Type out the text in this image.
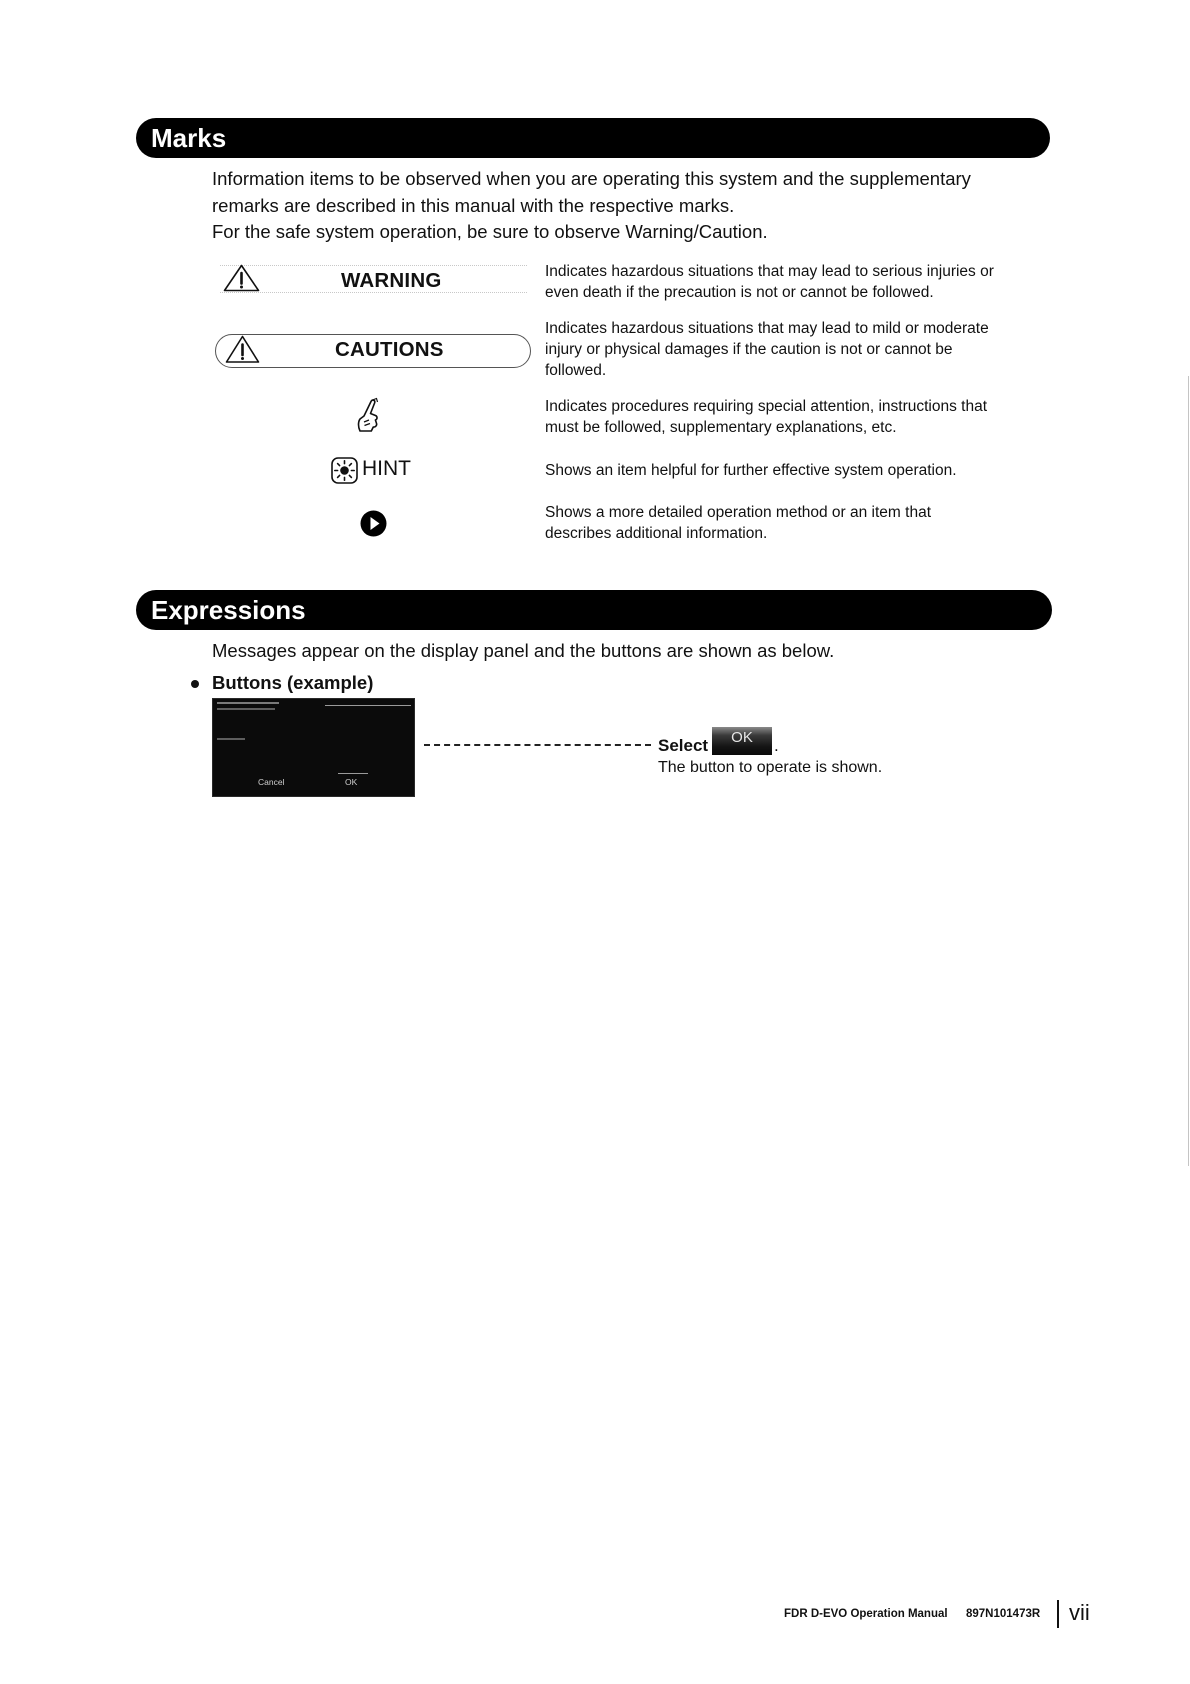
Marks
Information items to be observed when you are operating this system and the supplementary
remarks are described in this manual with the respective marks.
For the safe system operation, be sure to observe Warning/Caution.
WARNING	Indicates hazardous situations that may lead to serious injuries or
even death if the precaution is not or cannot be followed.
CAUTIONS
Indicates hazardous situations that may lead to mild or moderate
injury or physical damages if the caution is not or cannot be
followed.
Indicates procedures requiring special attention, instructions that
must be followed, supplementary explanations, etc.
HINT	Shows an item helpful for further effective system operation.
Shows a more detailed operation method or an item that
describes additional information.
Expressions
Messages appear on the display panel and the buttons are shown as below.
Buttons (example)
Cancel	OK
Select	OK	.
The button to operate is shown.
FDR D-EVO Operation Manual 897N101473R vii
